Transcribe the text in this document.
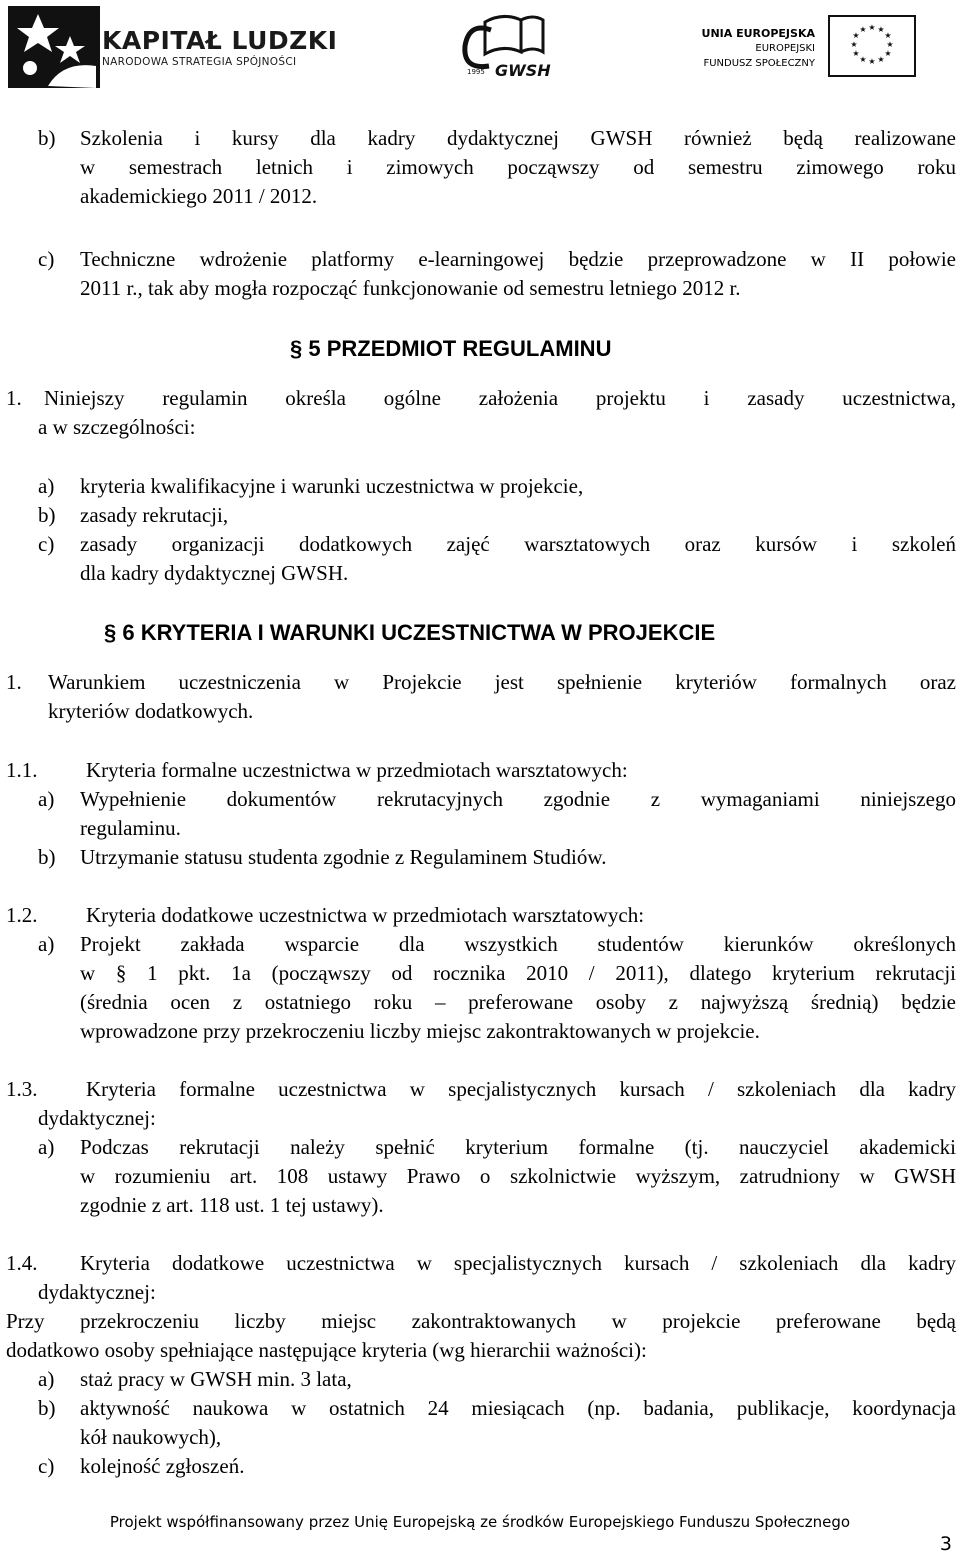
KAPITAŁ LUDZKI
NARODOWA STRATEGIA SPÓJNOŚCI
1995 GWSH
UNIA EUROPEJSKA
EUROPEJSKI
FUNDUSZ SPOŁECZNY
★ ★
★
★
★
★
★
★
★
★
★
★
b) Szkolenia i kursy dla kadry dydaktycznej GWSH również będą realizowane
w semestrach letnich i zimowych począwszy od semestru zimowego roku
akademickiego 2011 / 2012.
c) Techniczne wdrożenie platformy e-learningowej będzie przeprowadzone w II połowie
2011 r., tak aby mogła rozpocząć funkcjonowanie od semestru letniego 2012 r.
§ 5 PRZEDMIOT REGULAMINU
1. Niniejszy regulamin określa ogólne założenia projektu i zasady uczestnictwa,
a w szczególności:
a) kryteria kwalifikacyjne i warunki uczestnictwa w projekcie,
b) zasady rekrutacji,
c) zasady organizacji dodatkowych zajęć warsztatowych oraz kursów i szkoleń
dla kadry dydaktycznej GWSH.
§ 6 KRYTERIA I WARUNKI UCZESTNICTWA W PROJEKCIE
1. Warunkiem uczestniczenia w Projekcie jest spełnienie kryteriów formalnych oraz
kryteriów dodatkowych.
1.1. Kryteria formalne uczestnictwa w przedmiotach warsztatowych:
a) Wypełnienie dokumentów rekrutacyjnych zgodnie z wymaganiami niniejszego
regulaminu.
b) Utrzymanie statusu studenta zgodnie z Regulaminem Studiów.
1.2. Kryteria dodatkowe uczestnictwa w przedmiotach warsztatowych:
a) Projekt zakłada wsparcie dla wszystkich studentów kierunków określonych
w § 1 pkt. 1a (począwszy od rocznika 2010 / 2011), dlatego kryterium rekrutacji
(średnia ocen z ostatniego roku – preferowane osoby z najwyższą średnią) będzie
wprowadzone przy przekroczeniu liczby miejsc zakontraktowanych w projekcie.
1.3. Kryteria formalne uczestnictwa w specjalistycznych kursach / szkoleniach dla kadry
dydaktycznej:
a) Podczas rekrutacji należy spełnić kryterium formalne (tj. nauczyciel akademicki
w rozumieniu art. 108 ustawy Prawo o szkolnictwie wyższym, zatrudniony w GWSH
zgodnie z art. 118 ust. 1 tej ustawy).
1.4. Kryteria dodatkowe uczestnictwa w specjalistycznych kursach / szkoleniach dla kadry
dydaktycznej:
Przy przekroczeniu liczby miejsc zakontraktowanych w projekcie preferowane będą
dodatkowo osoby spełniające następujące kryteria (wg hierarchii ważności):
a) staż pracy w GWSH min. 3 lata,
b) aktywność naukowa w ostatnich 24 miesiącach (np. badania, publikacje, koordynacja
kół naukowych),
c) kolejność zgłoszeń.
Projekt współfinansowany przez Unię Europejską ze środków Europejskiego Funduszu Społecznego
3
